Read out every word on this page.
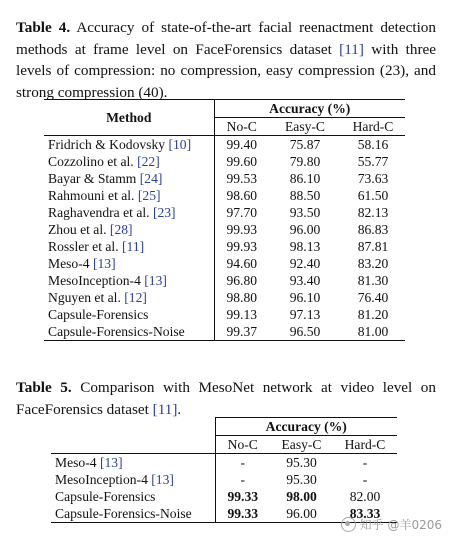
Table 4. Accuracy of state-of-the-art facial reenactment detection methods at frame level on FaceForensics dataset [11] with three levels of compression: no compression, easy compression (23), and strong compression (40).
Method	Accuracy (%)		
	No-C	Easy-C	Hard-C
Fridrich & Kodovsky [10]	99.40	75.87	58.16
Cozzolino et al. [22]	99.60	79.80	55.77
Bayar & Stamm [24]	99.53	86.10	73.63
Rahmouni et al. [25]	98.60	88.50	61.50
Raghavendra et al. [23]	97.70	93.50	82.13
Zhou et al. [28]	99.93	96.00	86.83
Rossler et al. [11]	99.93	98.13	87.81
Meso-4 [13]	94.60	92.40	83.20
MesoInception-4 [13]	96.80	93.40	81.30
Nguyen et al. [12]	98.80	96.10	76.40
Capsule-Forensics	99.13	97.13	81.20
Capsule-Forensics-Noise	99.37	96.50	81.00
Table 5. Comparison with MesoNet network at video level on FaceForensics dataset [11].
	Accuracy (%)		
	No-C	Easy-C	Hard-C
Meso-4 [13]	-	95.30	-
MesoInception-4 [13]	-	95.30	-
Capsule-Forensics	99.33	98.00	82.00
Capsule-Forensics-Noise	99.33	96.00	83.33
知乎 @羊0206
